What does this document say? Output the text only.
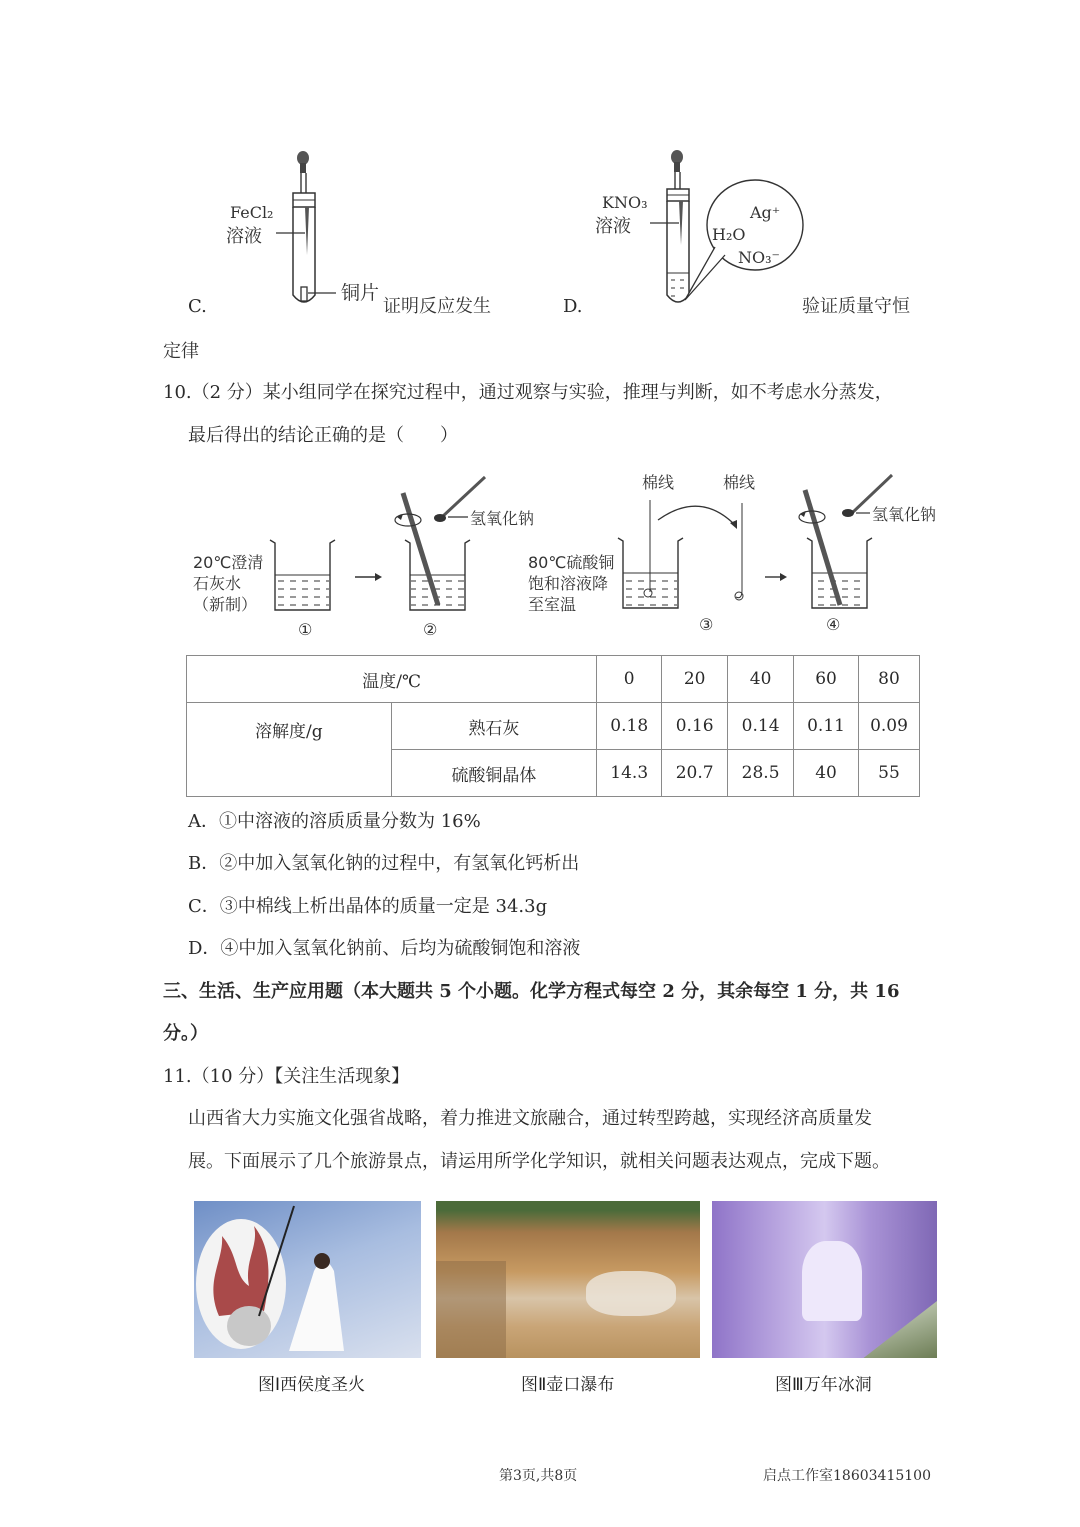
FeCl₂
溶液
铜片
C.	证明反应发生
KNO₃
溶液
Ag⁺
H₂O
NO₃⁻
D.	验证质量守恒
定律
10.（2 分）某小组同学在探究过程中，通过观察与实验，推理与判断，如不考虑水分蒸发，
最后得出的结论正确的是（　　）
20℃澄清
石灰水
（新制）
80℃硫酸铜
饱和溶液降
至室温
氢氧化钠	氢氧化钠
棉线	棉线
①	②	③	④
温度/℃		0	20	40	60	80
溶解度/g	熟石灰	0.18	0.16	0.14	0.11	0.09
	硫酸铜晶体	14.3	20.7	28.5	40	55
A．①中溶液的溶质质量分数为 16%
B．②中加入氢氧化钠的过程中，有氢氧化钙析出
C．③中棉线上析出晶体的质量一定是 34.3g
D．④中加入氢氧化钠前、后均为硫酸铜饱和溶液
三、生活、生产应用题（本大题共 5 个小题。化学方程式每空 2 分，其余每空 1 分，共 16
分。）
11.（10 分）【关注生活现象】
山西省大力实施文化强省战略，着力推进文旅融合，通过转型跨越，实现经济高质量发
展。下面展示了几个旅游景点，请运用所学化学知识，就相关问题表达观点，完成下题。
图Ⅰ西侯度圣火	图Ⅱ壶口瀑布	图Ⅲ万年冰洞
第3页,共8页	启点工作室18603415100
